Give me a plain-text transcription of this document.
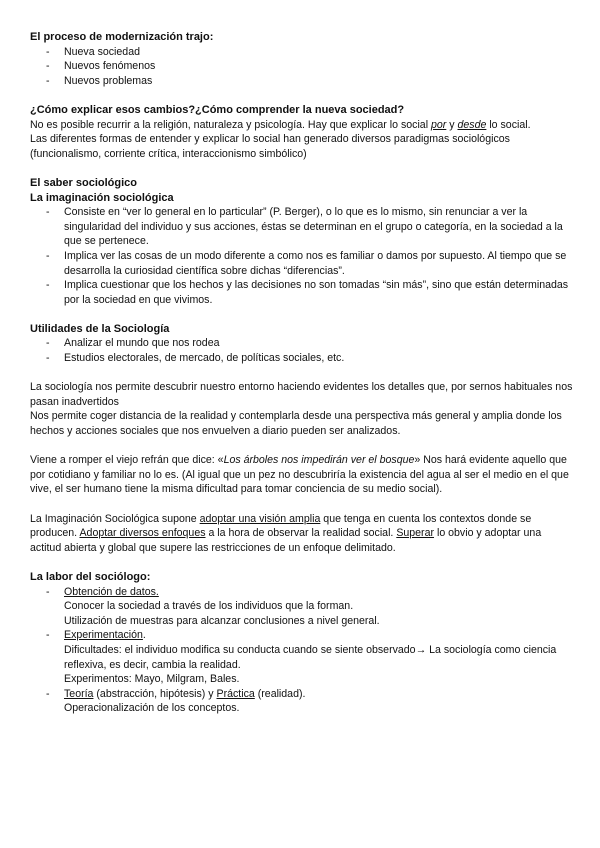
El proceso de modernización trajo:

- Nueva sociedad
- Nuevos fenómenos
- Nuevos problemas

¿Cómo explicar esos cambios?¿Cómo comprender la nueva sociedad?

No es posible recurrir a la religión, naturaleza y psicología. Hay que explicar lo social por y desde lo social.

Las diferentes formas de entender y explicar lo social han generado diversos paradigmas sociológicos (funcionalismo, corriente crítica, interaccionismo simbólico)

El saber sociológico

La imaginación sociológica

- Consiste en “ver lo general en lo particular” (P. Berger), o lo que es lo mismo, sin renunciar a ver la singularidad del individuo y sus acciones, éstas se determinan en el grupo o categoría, en la sociedad a la que se pertenece.
- Implica ver las cosas de un modo diferente a como nos es familiar o damos por supuesto. Al tiempo que se desarrolla la curiosidad científica sobre dichas “diferencias”.
- Implica cuestionar que los hechos y las decisiones no son tomadas “sin más”, sino que están determinadas por la sociedad en que vivimos.

Utilidades de la Sociología

- Analizar el mundo que nos rodea
- Estudios electorales, de mercado, de políticas sociales, etc.

La sociología nos permite descubrir nuestro entorno haciendo evidentes los detalles que, por sernos habituales nos pasan inadvertidos

Nos permite coger distancia de la realidad y contemplarla desde una perspectiva más general y amplia donde los hechos y acciones sociales que nos envuelven a diario pueden ser analizados.

Viene a romper el viejo refrán que dice: «Los árboles nos impedirán ver el bosque» Nos hará evidente aquello que por cotidiano y familiar no lo es. (Al igual que un pez no descubriría la existencia del agua al ser el medio en el que vive, el ser humano tiene la misma dificultad para tomar conciencia de su medio social).

La Imaginación Sociológica supone adoptar una visión amplia que tenga en cuenta los contextos donde se producen. Adoptar diversos enfoques a la hora de observar la realidad social. Superar lo obvio y adoptar una actitud abierta y global que supere las restricciones de un enfoque delimitado.

La labor del sociólogo:

- Obtención de datos.

Conocer la sociedad a través de los individuos que la forman.

Utilización de muestras para alcanzar conclusiones a nivel general.

- Experimentación.

Dificultades: el individuo modifica su conducta cuando se siente observado→ La sociología como ciencia reflexiva, es decir, cambia la realidad.

Experimentos: Mayo, Milgram, Bales.

- Teoría (abstracción, hipótesis) y Práctica (realidad).

Operacionalización de los conceptos.
